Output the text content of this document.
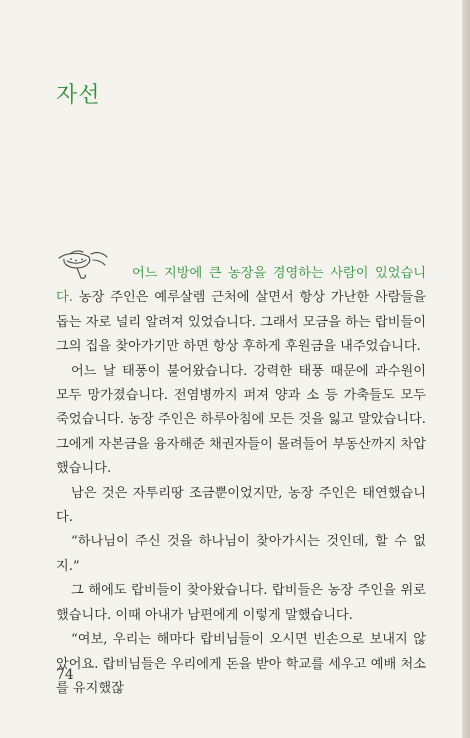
자선

어느 지방에 큰 농장을 경영하는 사람이 있었습니다. 농장 주인은 예루살렘 근처에 살면서 항상 가난한 사람들을 돕는 자로 널리 알려져 있었습니다. 그래서 모금을 하는 랍비들이 그의 집을 찾아가기만 하면 항상 후하게 후원금을 내주었습니다.

어느 날 태풍이 불어왔습니다. 강력한 태풍 때문에 과수원이 모두 망가졌습니다. 전염병까지 퍼져 양과 소 등 가축들도 모두 죽었습니다. 농장 주인은 하루아침에 모든 것을 잃고 말았습니다. 그에게 자본금을 융자해준 채권자들이 몰려들어 부동산까지 차압했습니다.

남은 것은 자투리땅 조금뿐이었지만, 농장 주인은 태연했습니다.

“하나님이 주신 것을 하나님이 찾아가시는 것인데, 할 수 없지.”

그 해에도 랍비들이 찾아왔습니다. 랍비들은 농장 주인을 위로했습니다. 이때 아내가 남편에게 이렇게 말했습니다.

“여보, 우리는 해마다 랍비님들이 오시면 빈손으로 보내지 않았어요. 랍비님들은 우리에게 돈을 받아 학교를 세우고 예배 처소를 유지했잖

74
